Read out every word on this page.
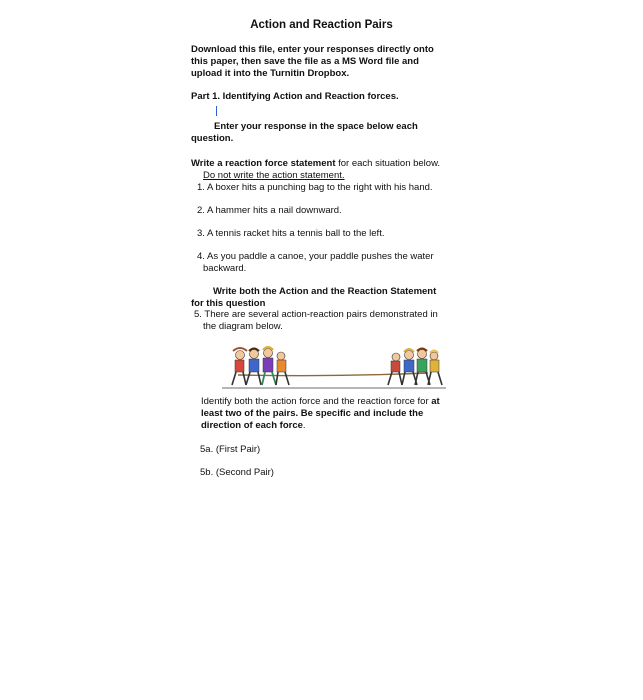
Action and Reaction Pairs
Download this file, enter your responses directly onto
this paper, then save the file as a MS Word file and
upload it into the Turnitin Dropbox.
Part 1. Identifying Action and Reaction forces.
Enter your response in the space below each
question.
Write a reaction force statement for each situation below.
Do not write the action statement.
1. A boxer hits a punching bag to the right with his hand.
2. A hammer hits a nail downward.
3. A tennis racket hits a tennis ball to the left.
4. As you paddle a canoe, your paddle pushes the water
backward.
Write both the Action and the Reaction Statement
for this question
5. There are several action-reaction pairs demonstrated in
the diagram below.
Identify both the action force and the reaction force for at
least two of the pairs. Be specific and include the
direction of each force.
5a. (First Pair)
5b. (Second Pair)
